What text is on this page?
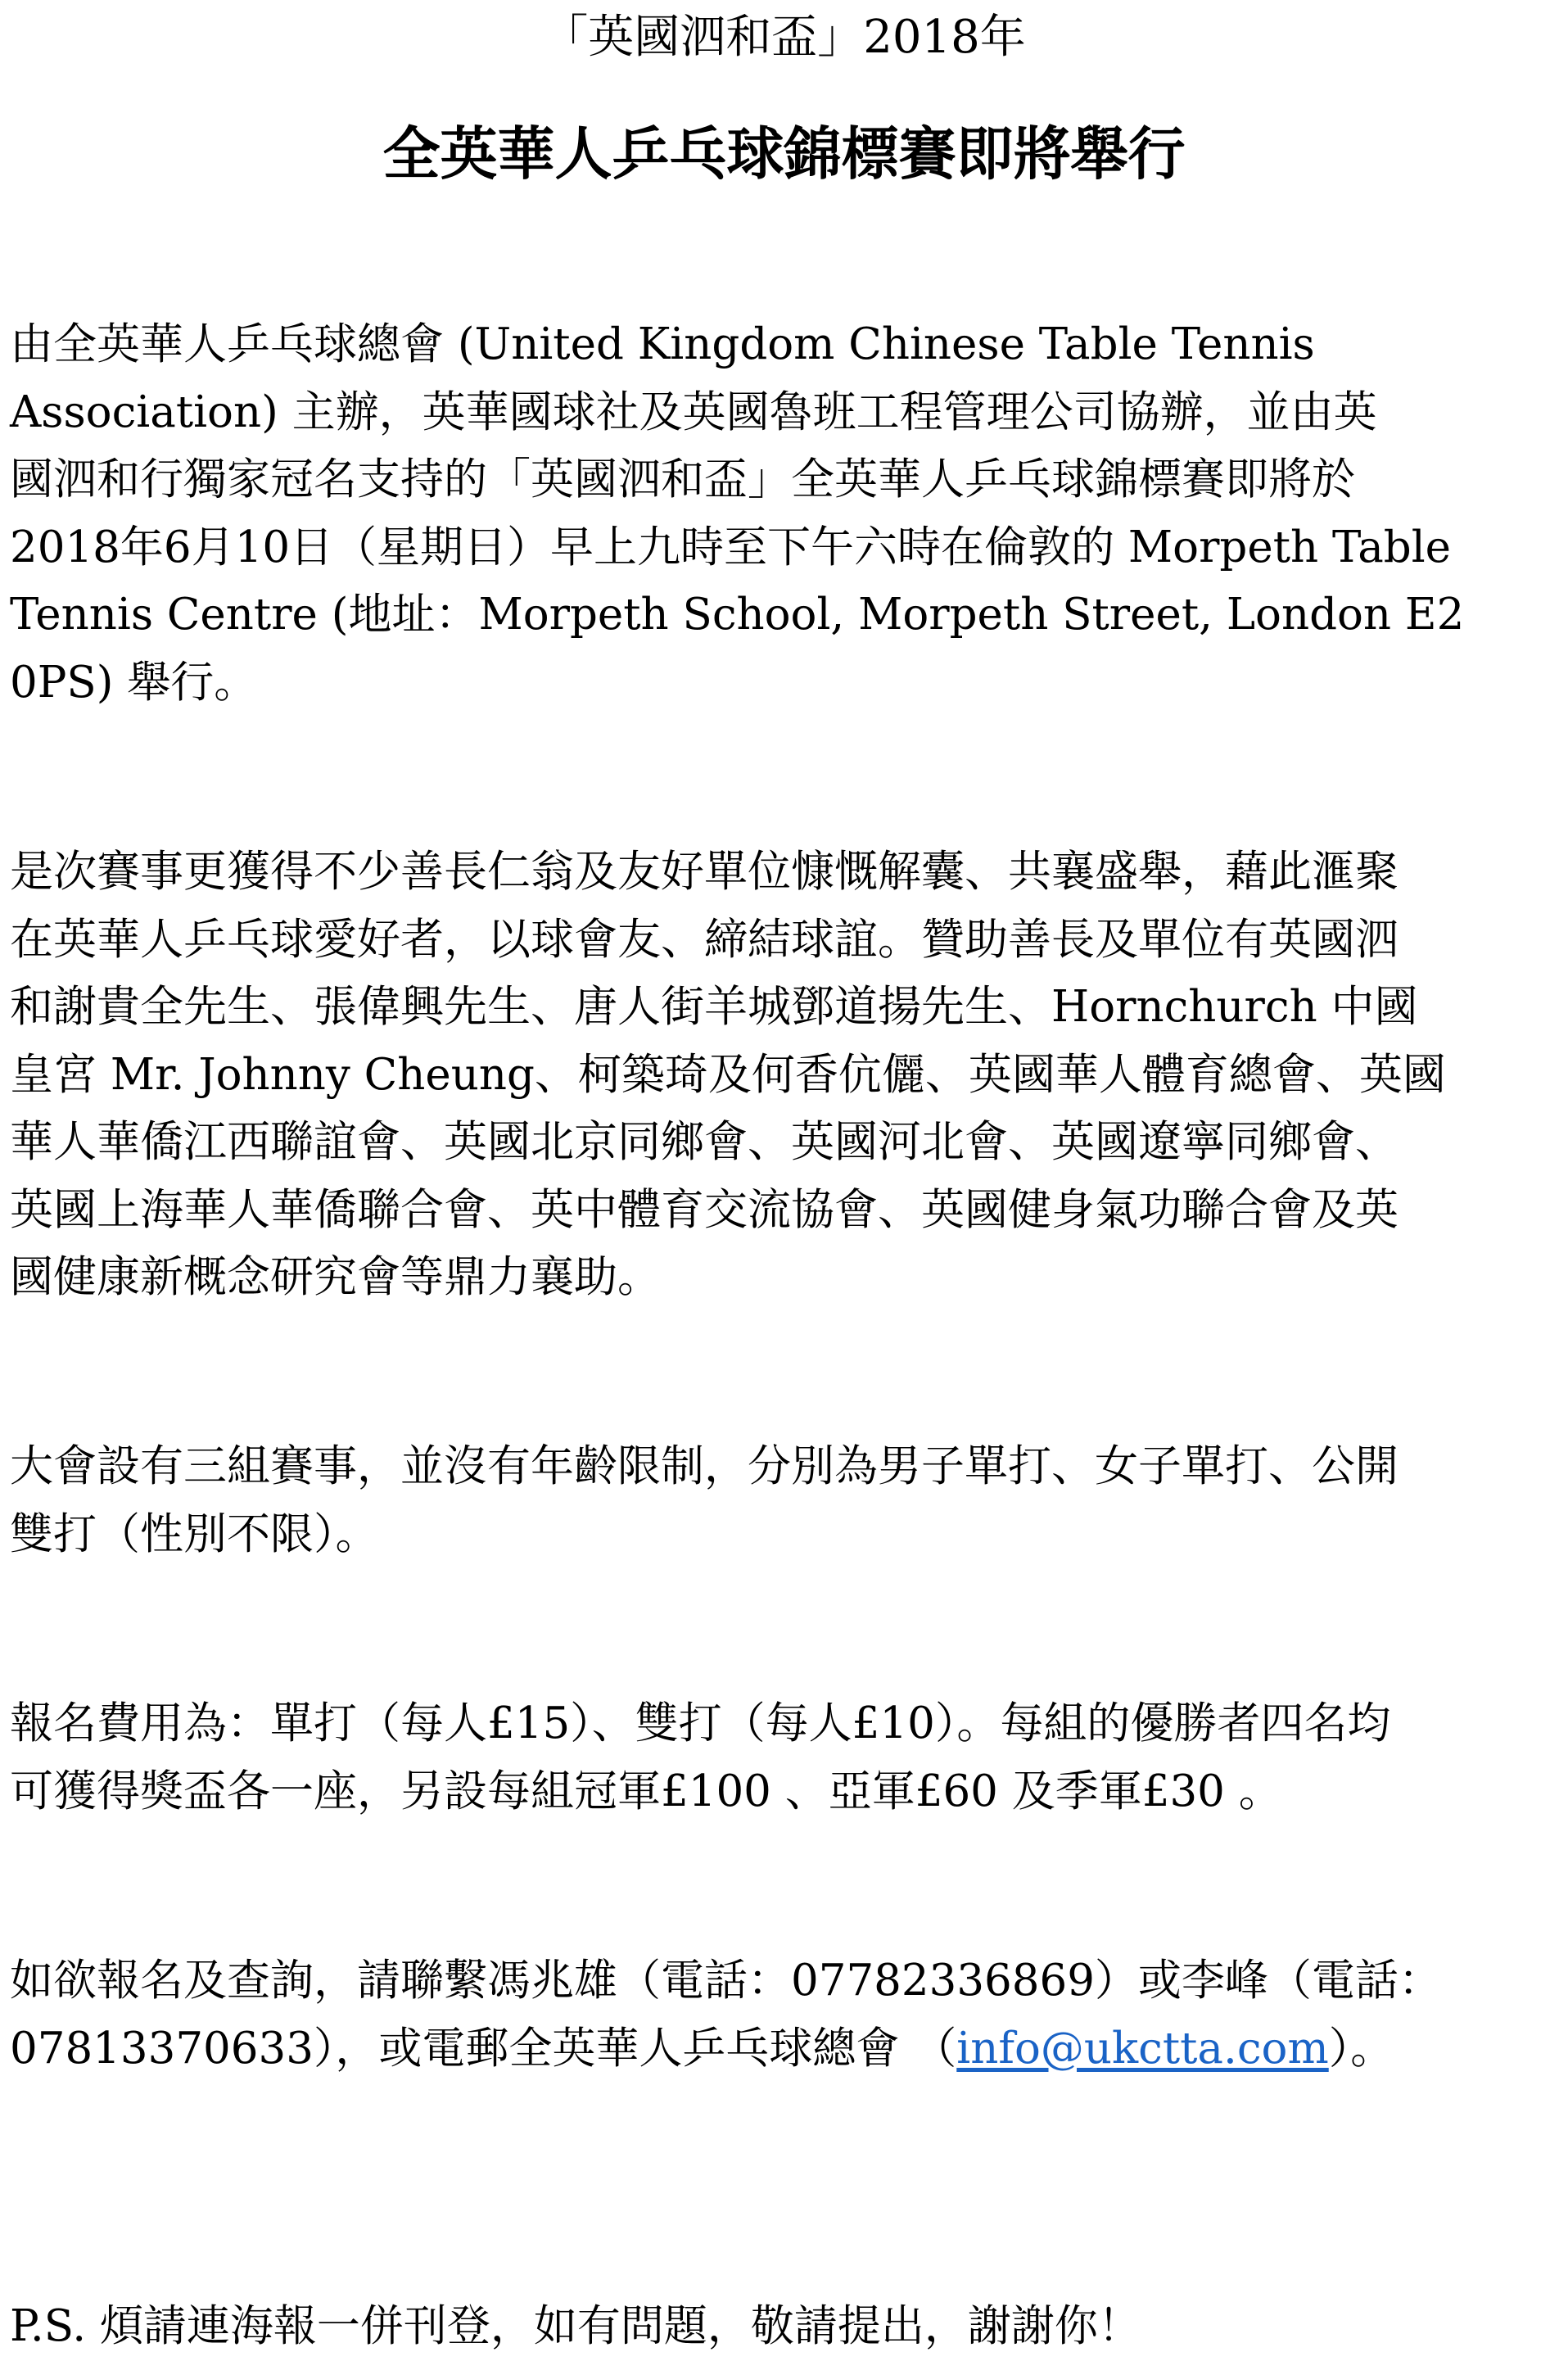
「英國泗和盃」2018年
全英華人乒乓球錦標賽即將舉行
由全英華人乒乓球總會 (United Kingdom Chinese Table Tennis
Association) 主辦，英華國球社及英國魯班工程管理公司協辦，並由英
國泗和行獨家冠名支持的「英國泗和盃」全英華人乒乓球錦標賽即將於
2018年6月10日（星期日）早上九時至下午六時在倫敦的 Morpeth Table
Tennis Centre (地址：Morpeth School, Morpeth Street, London E2
0PS) 舉行。
是次賽事更獲得不少善長仁翁及友好單位慷慨解囊、共襄盛舉，藉此滙聚
在英華人乒乓球愛好者，以球會友、締結球誼。贊助善長及單位有英國泗
和謝貴全先生、張偉興先生、唐人街羊城鄧道揚先生、Hornchurch 中國
皇宮 Mr. Johnny Cheung、柯築琦及何香伉儷、英國華人體育總會、英國
華人華僑江西聯誼會、英國北京同鄉會、英國河北會、英國遼寧同鄉會、
英國上海華人華僑聯合會、英中體育交流協會、英國健身氣功聯合會及英
國健康新概念研究會等鼎力襄助。
大會設有三組賽事，並沒有年齡限制，分別為男子單打、女子單打、公開
雙打（性別不限）。
報名費用為：單打（每人£15）、雙打（每人£10）。每組的優勝者四名均
可獲得獎盃各一座，另設每組冠軍£100 、亞軍£60 及季軍£30 。
如欲報名及查詢，請聯繫馮兆雄（電話：07782336869）或李峰（電話：
07813370633），或電郵全英華人乒乓球總會 （info@ukctta.com）。
P.S. 煩請連海報一併刊登，如有問題，敬請提出，謝謝你！
